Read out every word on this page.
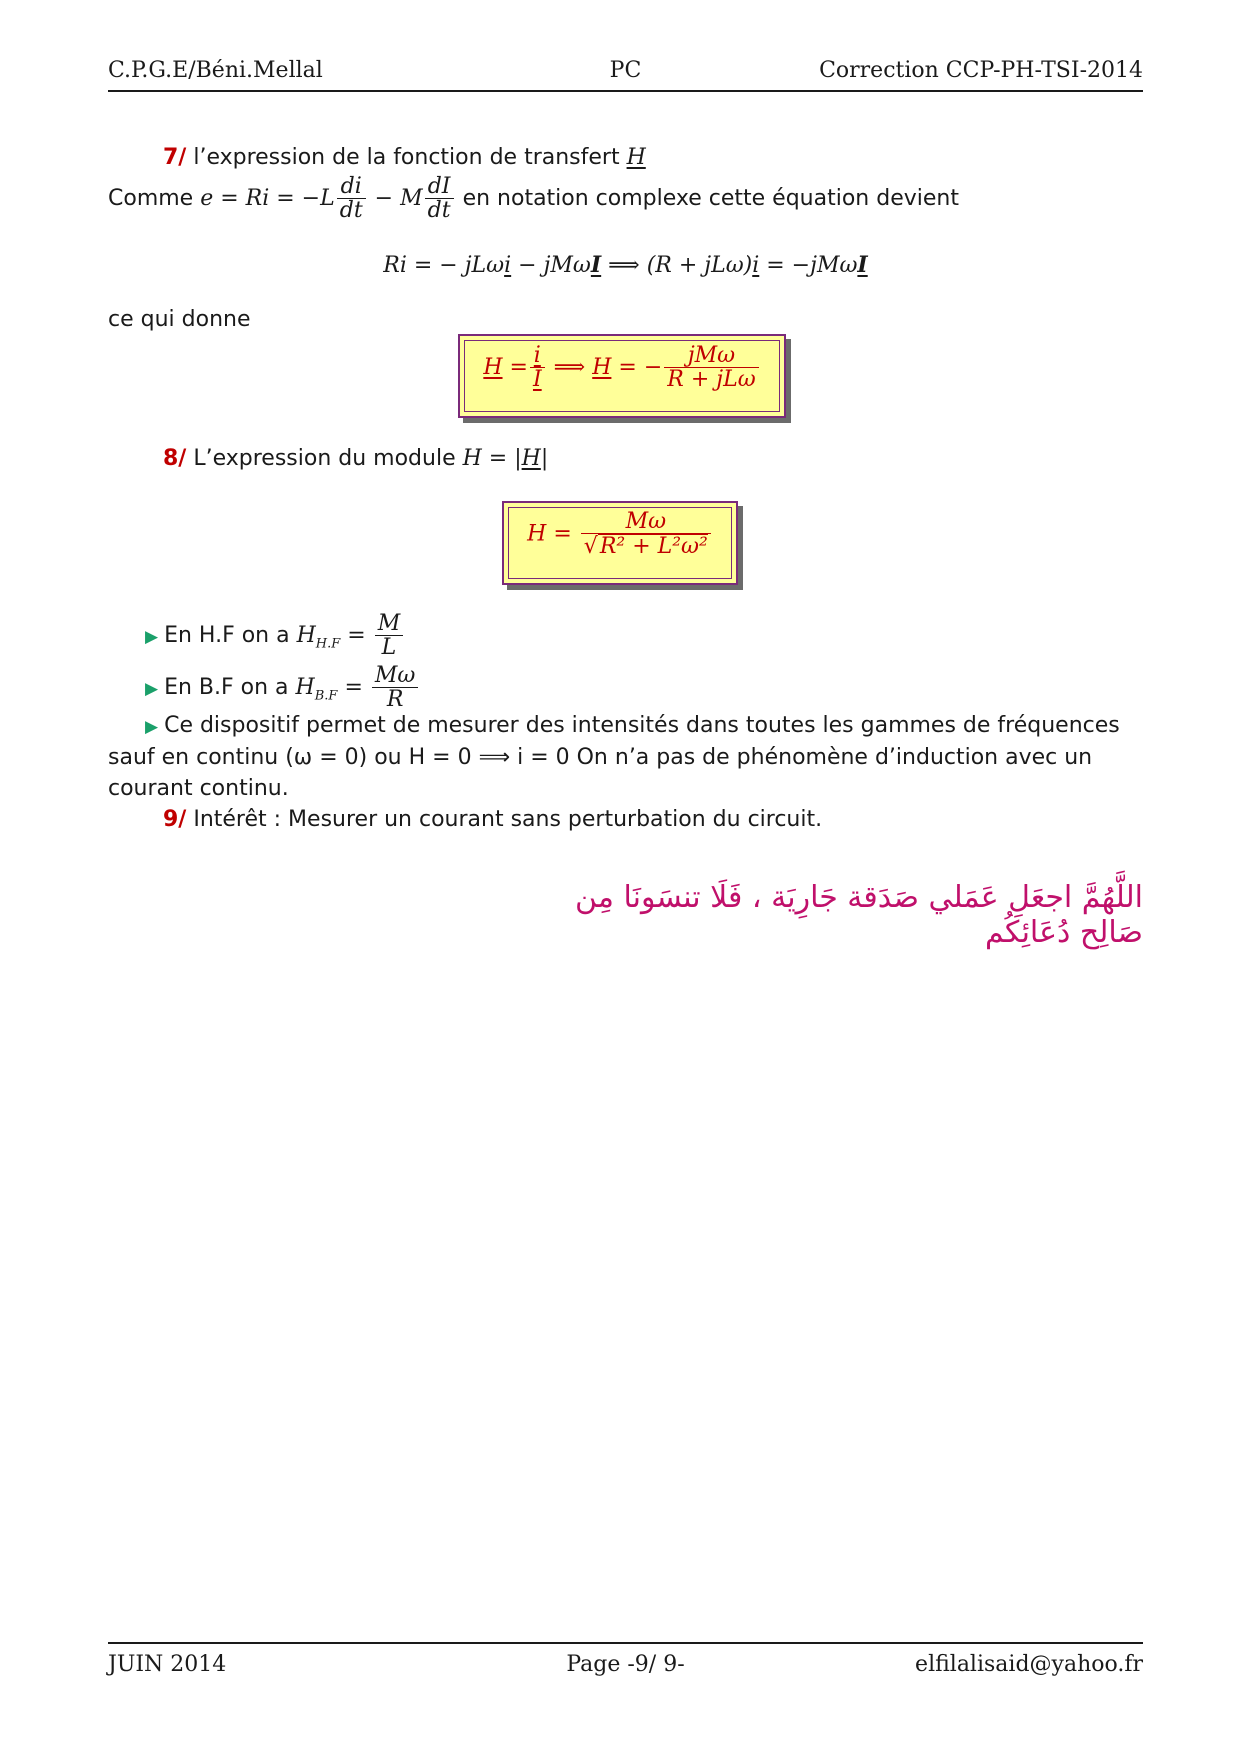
C.P.G.E/Béni.Mellal	PC	Correction CCP-PH-TSI-2014
7/ l’expression de la fonction de transfert H
Comme $e = Ri = -L \frac{di}{dt} - M \frac{dI}{dt}$ en notation complexe cette équation devient
Ri = − jLωi − jMωI ⟹ (R + jLω)i = −jMωI
ce qui donne
$H = \frac{i}{I}$ ⟹ H = − $\frac{\text{jMω}}{\text{R + jLω}}$
8/ L’expression du module H = |H|
$H = \frac{M\omega}{\text{√R² + L²ω²}}$
▶ En H.F on a $H_{H.F} = \frac{M}{L}$
▶ En B.F on a $H_{B.F} = \frac{M\omega}{R}$
▶ Ce dispositif permet de mesurer des intensités dans toutes les gammes de fréquences
sauf en continu (ω = 0) ou H = 0 ⟹ i = 0 On n’a pas de phénomène d’induction avec un
courant continu.
9/ Intérêt : Mesurer un courant sans perturbation du circuit.
اللَّهُمَّ اجعَلِ عَمَلي صَدَقة جَارِيَة ، فَلَا تنسَونَا مِن صَالِح دُعَائِكُم
JUIN 2014	Page -9/ 9-	elfilalisaid@yahoo.fr
